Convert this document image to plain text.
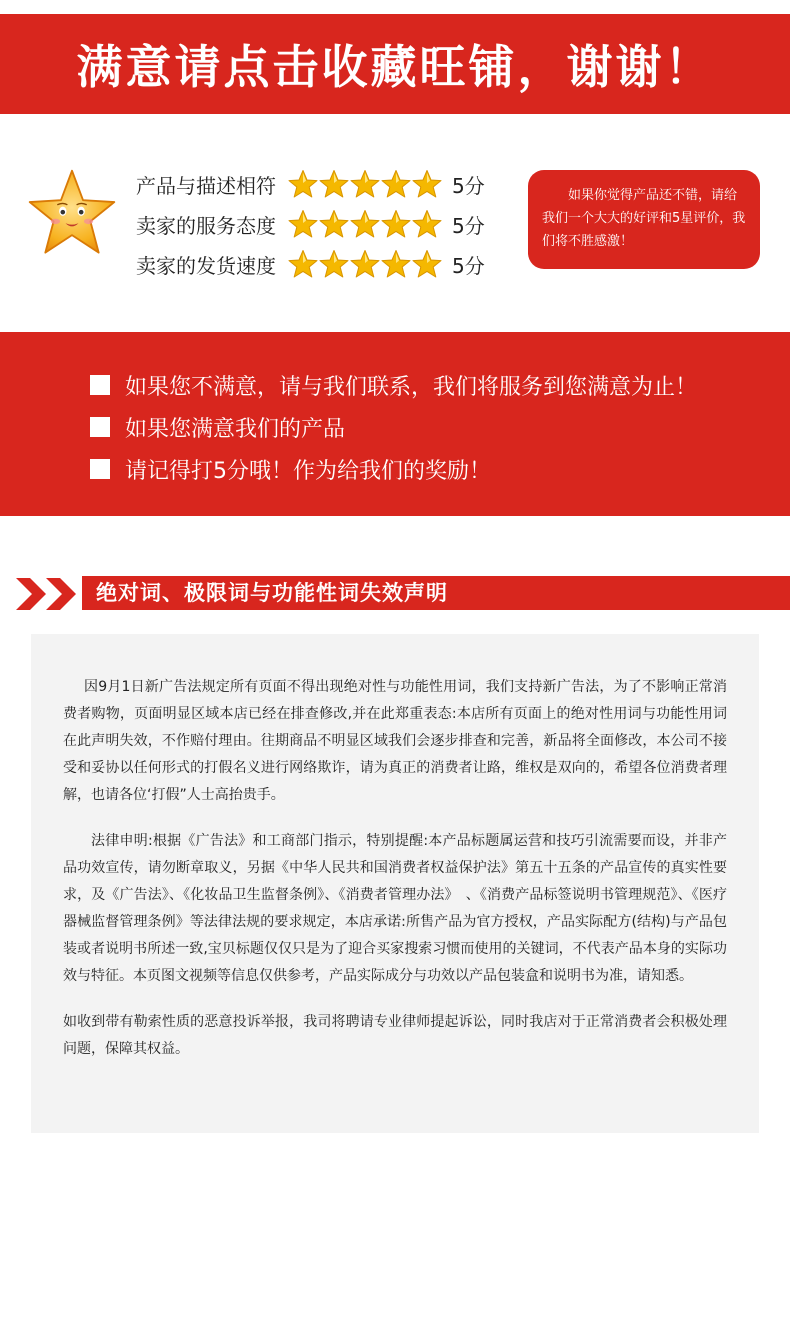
满意请点击收藏旺铺，谢谢！
产品与描述相符	5分
卖家的服务态度	5分
卖家的发货速度	5分
如果你觉得产品还不错，请给我们一个大大的好评和5星评价，我们将不胜感激！
如果您不满意，请与我们联系，我们将服务到您满意为止！
如果您满意我们的产品
请记得打5分哦！作为给我们的奖励！
绝对词、极限词与功能性词失效声明

因9月1日新广告法规定所有页面不得出现绝对性与功能性用词，我们支持新广告法，为了不影响正常消费者购物，页面明显区域本店已经在排查修改,并在此郑重表态:本店所有页面上的绝对性用词与功能性用词在此声明失效，不作赔付理由。往期商品不明显区域我们会逐步排查和完善，新品将全面修改，本公司不接受和妥协以任何形式的打假名义进行网络欺诈，请为真正的消费者让路，维权是双向的，希望各位消费者理解，也请各位‘打假”人士高抬贵手。

法律申明:根据《广告法》和工商部门指示，特别提醒:本产品标题属运营和技巧引流需要而设，并非产品功效宣传，请勿断章取义，另据《中华人民共和国消费者权益保护法》第五十五条的产品宣传的真实性要求，及《广告法》、《化妆品卫生监督条例》、《消费者管理办法》　、《消费产品标签说明书管理规范》、《医疗器械监督管理条例》等法律法规的要求规定，本店承诺:所售产品为官方授权，产品实际配方(结构)与产品包装或者说明书所述一致,宝贝标题仅仅只是为了迎合买家搜索习惯而使用的关键词，不代表产品本身的实际功效与特征。本页图文视频等信息仅供参考，产品实际成分与功效以产品包装盒和说明书为准，请知悉。

如收到带有勒索性质的恶意投诉举报，我司将聘请专业律师提起诉讼，同时我店对于正常消费者会积极处理问题，保障其权益。
